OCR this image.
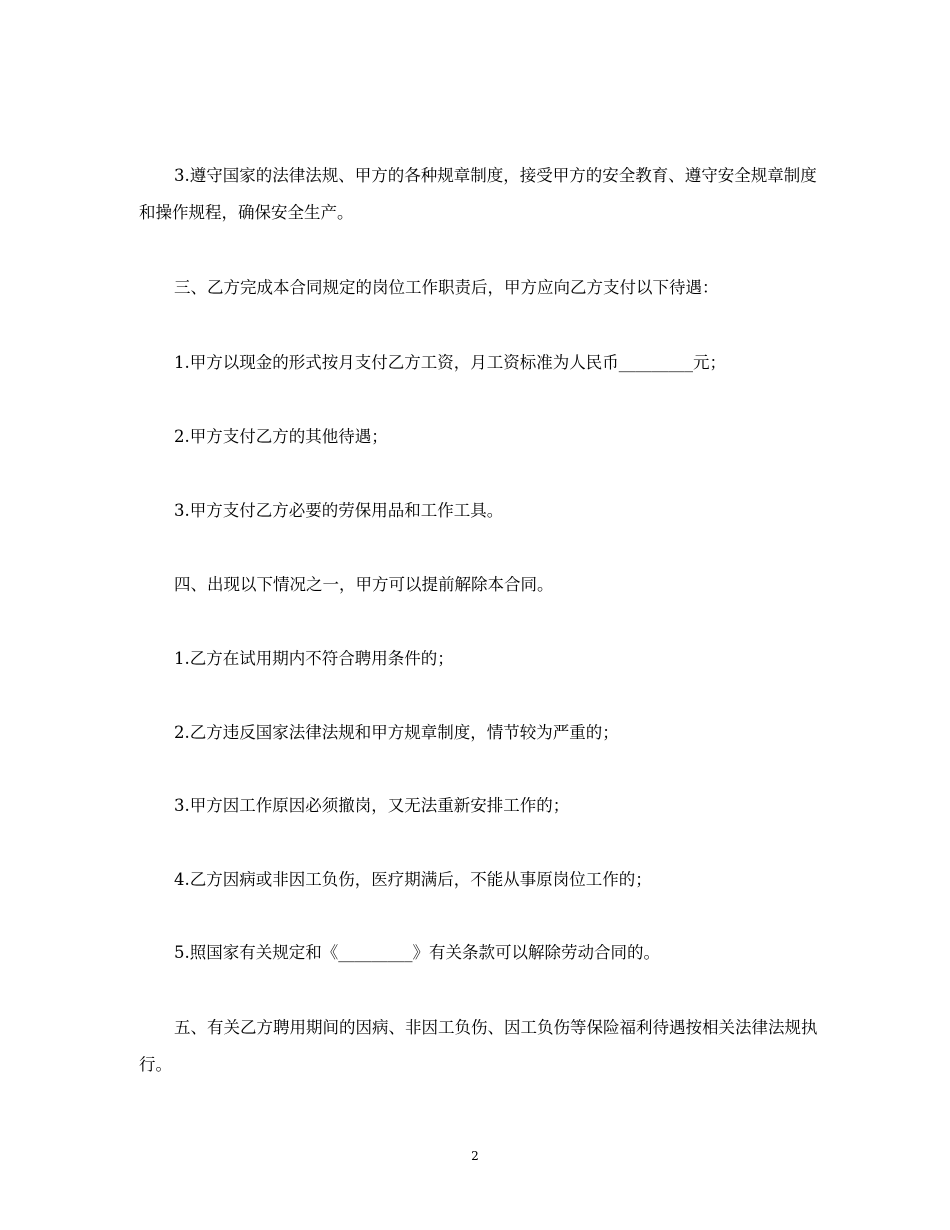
3.遵守国家的法律法规、甲方的各种规章制度，接受甲方的安全教育、遵守安全规章制度和操作规程，确保安全生产。

三、乙方完成本合同规定的岗位工作职责后，甲方应向乙方支付以下待遇：

1.甲方以现金的形式按月支付乙方工资，月工资标准为人民币_________元；

2.甲方支付乙方的其他待遇；

3.甲方支付乙方必要的劳保用品和工作工具。

四、出现以下情况之一，甲方可以提前解除本合同。

1.乙方在试用期内不符合聘用条件的；

2.乙方违反国家法律法规和甲方规章制度，情节较为严重的；

3.甲方因工作原因必须撤岗，又无法重新安排工作的；

4.乙方因病或非因工负伤，医疗期满后，不能从事原岗位工作的；

5.照国家有关规定和《_________》有关条款可以解除劳动合同的。

五、有关乙方聘用期间的因病、非因工负伤、因工负伤等保险福利待遇按相关法律法规执行。

2
